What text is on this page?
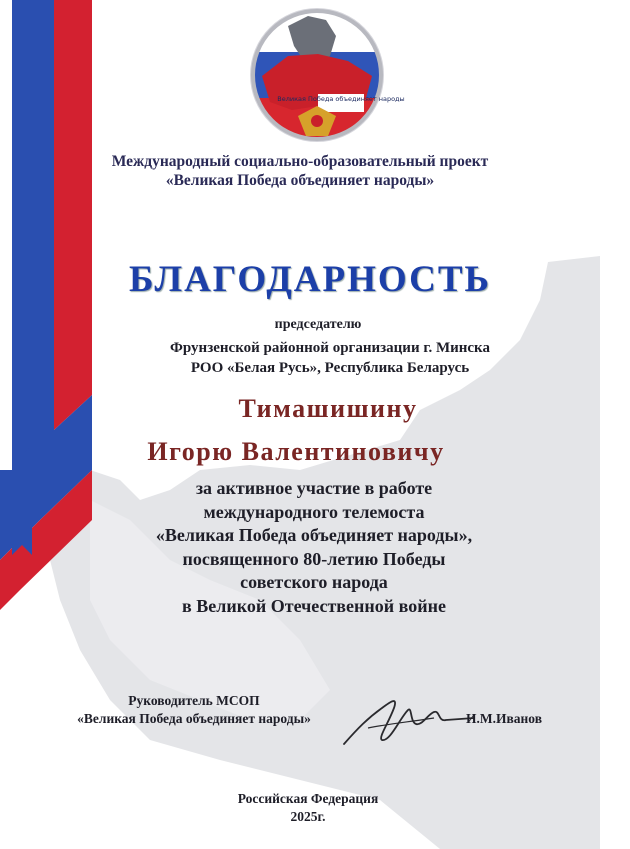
Великая Победа объединяет народы

Международный социально-образовательный проект
«Великая Победа объединяет народы»

БЛАГОДАРНОСТЬ

председателю

Фрунзенской районной организации г. Минска
РОО «Белая Русь», Республика Беларусь

Тимашишину

Игорю Валентиновичу

за активное участие в работе
международного телемоста
«Великая Победа объединяет народы»,
посвященного 80-летию Победы
советского народа
в Великой Отечественной войне

Руководитель МСОП
«Великая Победа объединяет народы»	И.М.Иванов

Российская Федерация
2025г.
